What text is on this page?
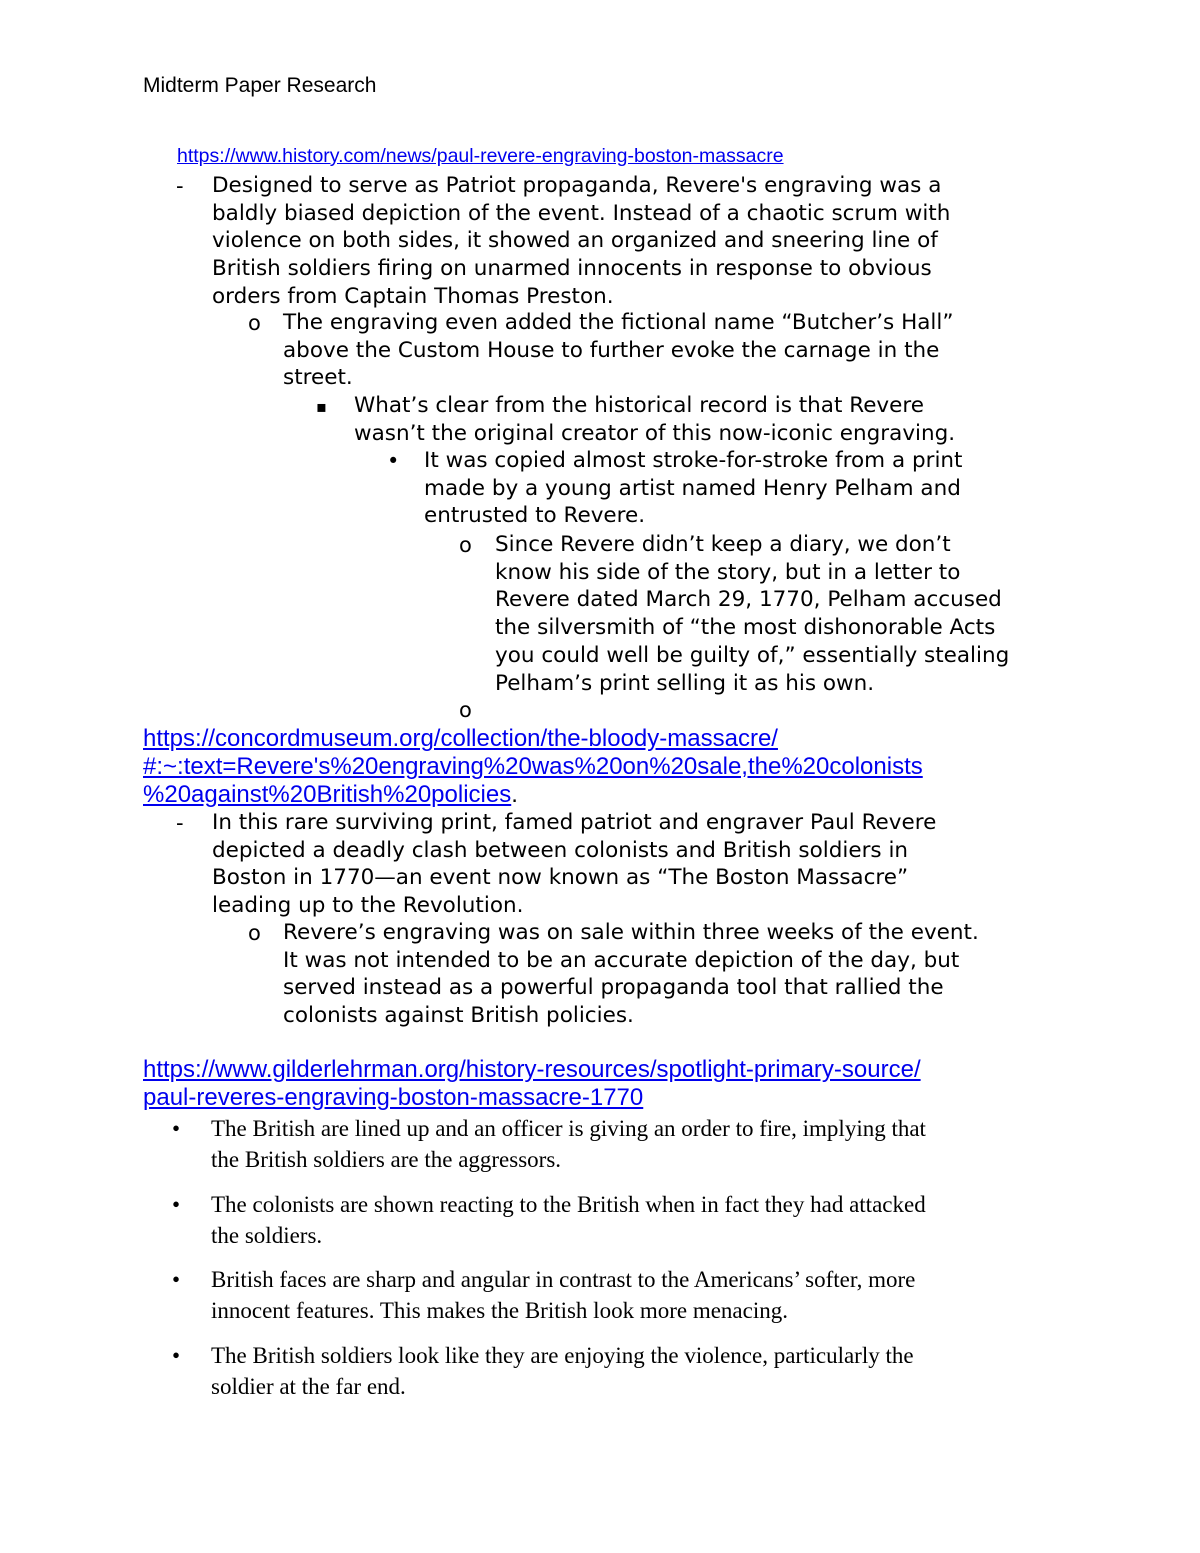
Midterm Paper Research
https://www.history.com/news/paul-revere-engraving-boston-massacre
- Designed to serve as Patriot propaganda, Revere's engraving was a
baldly biased depiction of the event. Instead of a chaotic scrum with
violence on both sides, it showed an organized and sneering line of
British soldiers firing on unarmed innocents in response to obvious
orders from Captain Thomas Preston.
o The engraving even added the fictional name “Butcher’s Hall”
above the Custom House to further evoke the carnage in the
street.
▪ What’s clear from the historical record is that Revere
wasn’t the original creator of this now-iconic engraving.
• It was copied almost stroke-for-stroke from a print
made by a young artist named Henry Pelham and
entrusted to Revere.
o Since Revere didn’t keep a diary, we don’t
know his side of the story, but in a letter to
Revere dated March 29, 1770, Pelham accused
the silversmith of “the most dishonorable Acts
you could well be guilty of,” essentially stealing
Pelham’s print selling it as his own.
o
https://concordmuseum.org/collection/the-bloody-massacre/
#:~:text=Revere's%20engraving%20was%20on%20sale,the%20colonists
%20against%20British%20policies.
- In this rare surviving print, famed patriot and engraver Paul Revere
depicted a deadly clash between colonists and British soldiers in
Boston in 1770—an event now known as “The Boston Massacre”
leading up to the Revolution.
o Revere’s engraving was on sale within three weeks of the event.
It was not intended to be an accurate depiction of the day, but
served instead as a powerful propaganda tool that rallied the
colonists against British policies.
https://www.gilderlehrman.org/history-resources/spotlight-primary-source/
paul-reveres-engraving-boston-massacre-1770
• The British are lined up and an officer is giving an order to fire, implying that
the British soldiers are the aggressors.
• The colonists are shown reacting to the British when in fact they had attacked
the soldiers.
• British faces are sharp and angular in contrast to the Americans’ softer, more
innocent features. This makes the British look more menacing.
• The British soldiers look like they are enjoying the violence, particularly the
soldier at the far end.
